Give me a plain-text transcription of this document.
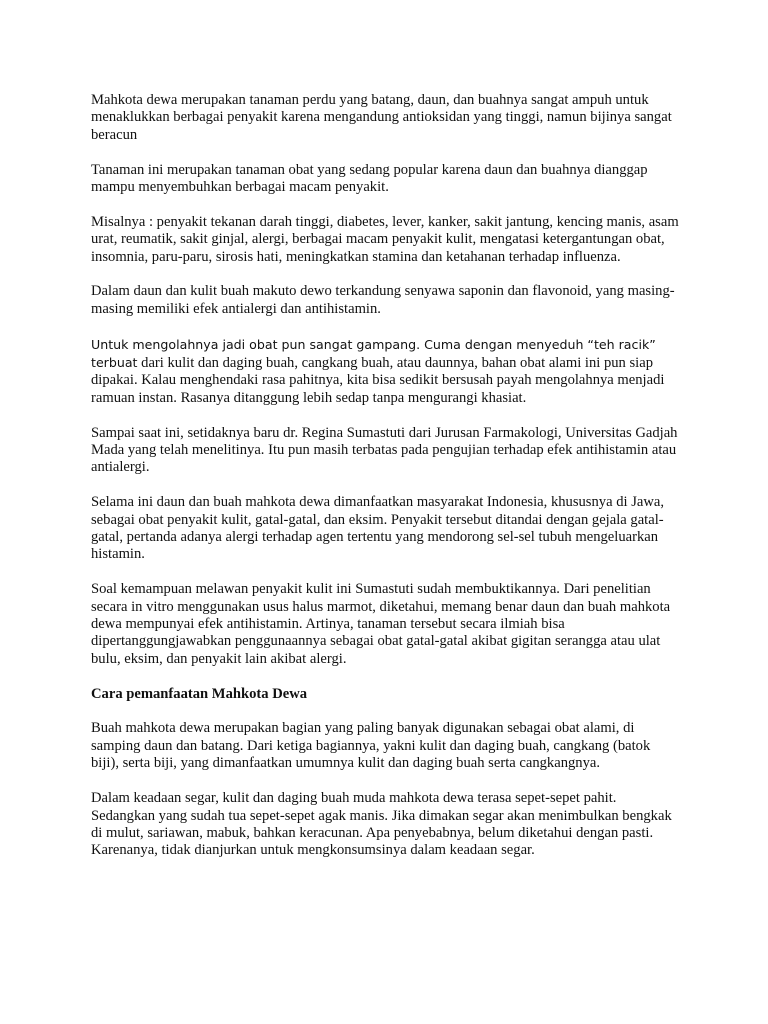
Mahkota dewa merupakan tanaman perdu yang batang, daun, dan buahnya sangat ampuh untuk menaklukkan berbagai penyakit karena mengandung antioksidan yang tinggi, namun bijinya sangat beracun

Tanaman ini merupakan tanaman obat yang sedang popular karena daun dan buahnya dianggap mampu menyembuhkan berbagai macam penyakit.

Misalnya : penyakit tekanan darah tinggi, diabetes, lever, kanker, sakit jantung, kencing manis, asam urat, reumatik, sakit ginjal, alergi, berbagai macam penyakit kulit, mengatasi ketergantungan obat, insomnia, paru-paru, sirosis hati, meningkatkan stamina dan ketahanan terhadap influenza.

Dalam daun dan kulit buah makuto dewo terkandung senyawa saponin dan flavonoid, yang masing-masing memiliki efek antialergi dan antihistamin.

Untuk mengolahnya jadi obat pun sangat gampang. Cuma dengan menyeduh “teh racik” terbuat dari kulit dan daging buah, cangkang buah, atau daunnya, bahan obat alami ini pun siap dipakai. Kalau menghendaki rasa pahitnya, kita bisa sedikit bersusah payah mengolahnya menjadi ramuan instan. Rasanya ditanggung lebih sedap tanpa mengurangi khasiat.

Sampai saat ini, setidaknya baru dr. Regina Sumastuti dari Jurusan Farmakologi, Universitas Gadjah Mada yang telah menelitinya. Itu pun masih terbatas pada pengujian terhadap efek antihistamin atau antialergi.

Selama ini daun dan buah mahkota dewa dimanfaatkan masyarakat Indonesia, khususnya di Jawa, sebagai obat penyakit kulit, gatal-gatal, dan eksim. Penyakit tersebut ditandai dengan gejala gatal-gatal, pertanda adanya alergi terhadap agen tertentu yang mendorong sel-sel tubuh mengeluarkan histamin.

Soal kemampuan melawan penyakit kulit ini Sumastuti sudah membuktikannya. Dari penelitian secara in vitro menggunakan usus halus marmot, diketahui, memang benar daun dan buah mahkota dewa mempunyai efek antihistamin. Artinya, tanaman tersebut secara ilmiah bisa dipertanggungjawabkan penggunaannya sebagai obat gatal-gatal akibat gigitan serangga atau ulat bulu, eksim, dan penyakit lain akibat alergi.

Cara pemanfaatan Mahkota Dewa

Buah mahkota dewa merupakan bagian yang paling banyak digunakan sebagai obat alami, di samping daun dan batang. Dari ketiga bagiannya, yakni kulit dan daging buah, cangkang (batok biji), serta biji, yang dimanfaatkan umumnya kulit dan daging buah serta cangkangnya.

Dalam keadaan segar, kulit dan daging buah muda mahkota dewa terasa sepet-sepet pahit. Sedangkan yang sudah tua sepet-sepet agak manis. Jika dimakan segar akan menimbulkan bengkak di mulut, sariawan, mabuk, bahkan keracunan. Apa penyebabnya, belum diketahui dengan pasti. Karenanya, tidak dianjurkan untuk mengkonsumsinya dalam keadaan segar.
